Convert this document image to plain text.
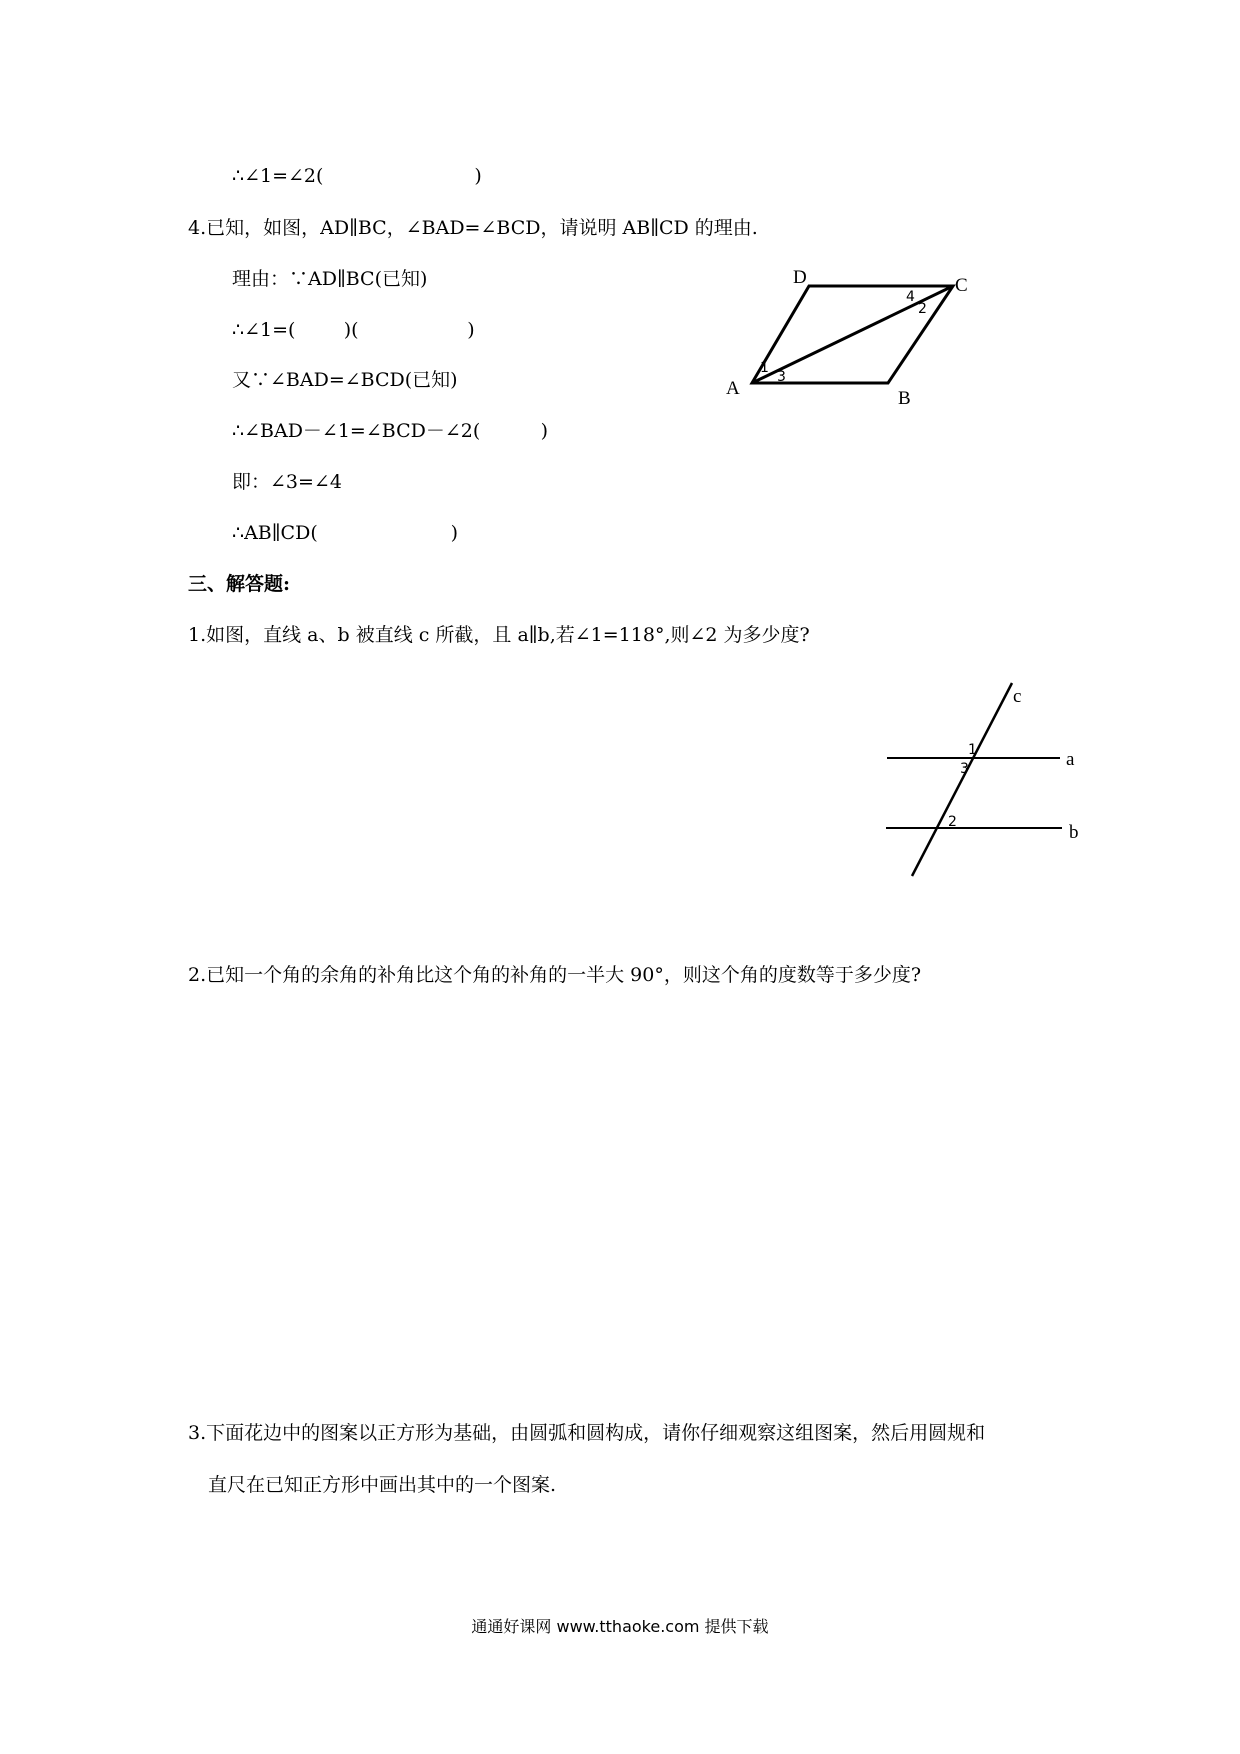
∴∠1=∠2(                         )
4.已知，如图，AD∥BC，∠BAD=∠BCD，请说明 AB∥CD 的理由.
理由：∵AD∥BC(已知)
∴∠1=(        )(                  )
又∵∠BAD=∠BCD(已知)
∴∠BAD－∠1=∠BCD－∠2(          )
即：∠3=∠4
∴AB∥CD(                      )
A	B
C
D
1
3
4
2
三、解答题:
1.如图，直线 a、b 被直线 c 所截，且 a∥b,若∠1=118°,则∠2 为多少度?
a
b
c
1
3
2
2.已知一个角的余角的补角比这个角的补角的一半大 90°，则这个角的度数等于多少度?
3.下面花边中的图案以正方形为基础，由圆弧和圆构成，请你仔细观察这组图案，然后用圆规和
直尺在已知正方形中画出其中的一个图案.
通通好课网 www.tthaoke.com 提供下载
